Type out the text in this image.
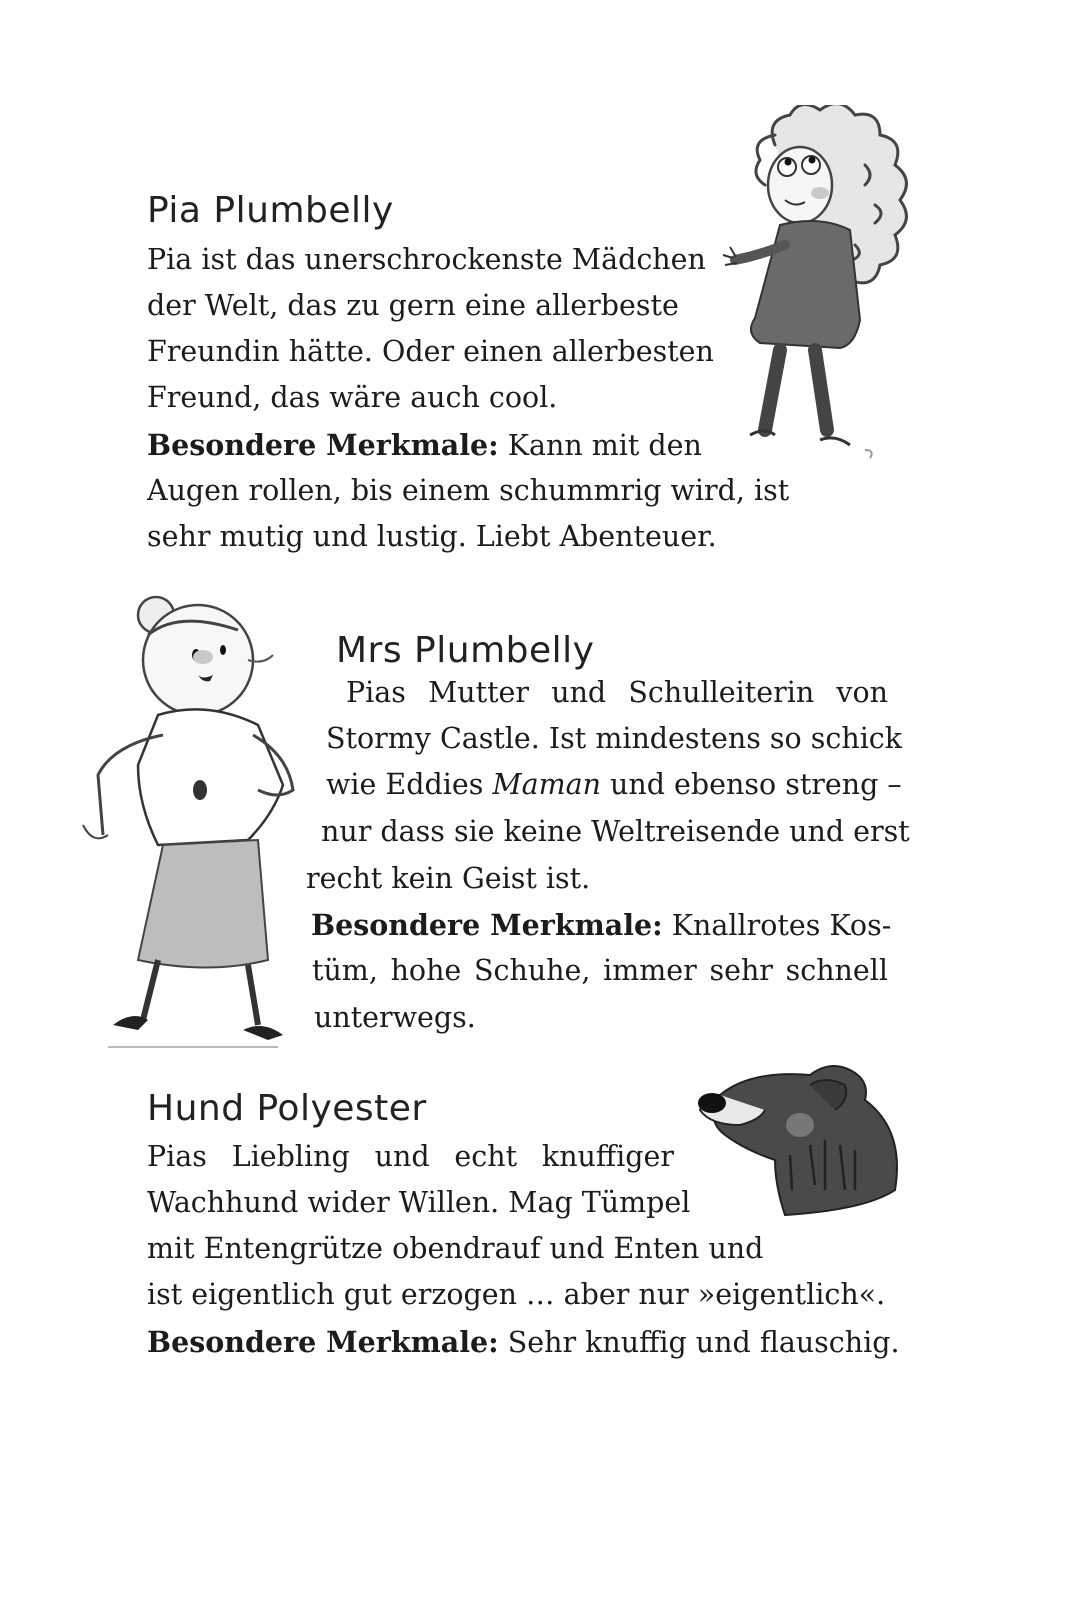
Pia Plumbelly
Pia ist das unerschrockenste Mädchen
der Welt, das zu gern eine allerbeste
Freundin hätte. Oder einen allerbesten
Freund, das wäre auch cool.
Besondere Merkmale: Kann mit den
Augen rollen, bis einem schummrig wird, ist
sehr mutig und lustig. Liebt Abenteuer.
Mrs Plumbelly
Pias Mutter und Schulleiterin von
Stormy Castle. Ist mindestens so schick
wie Eddies Maman und ebenso streng –
nur dass sie keine Weltreisende und erst
recht kein Geist ist.
Besondere Merkmale: Knallrotes Kos-
tüm, hohe Schuhe, immer sehr schnell
unterwegs.
Hund Polyester
Pias Liebling und echt knuffiger
Wachhund wider Willen. Mag Tümpel
mit Entengrütze obendrauf und Enten und
ist eigentlich gut erzogen … aber nur »eigentlich«.
Besondere Merkmale: Sehr knuffig und flauschig.
